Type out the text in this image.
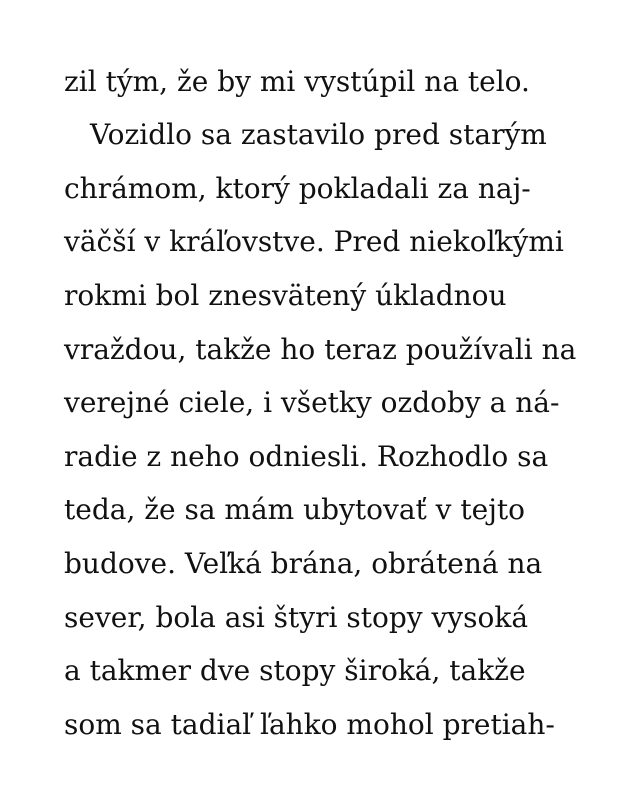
zil tým, že by mi vystúpil na telo.
Vozidlo sa zastavilo pred starým
chrámom, ktorý pokladali za naj-
väčší v kráľovstve. Pred niekoľkými
rokmi bol znesvätený úkladnou
vraždou, takže ho teraz používali na
verejné ciele, i všetky ozdoby a ná-
radie z neho odniesli. Rozhodlo sa
teda, že sa mám ubytovať v tejto
budove. Veľká brána, obrátená na
sever, bola asi štyri stopy vysoká
a takmer dve stopy široká, takže
som sa tadiaľ ľahko mohol pretiah-
